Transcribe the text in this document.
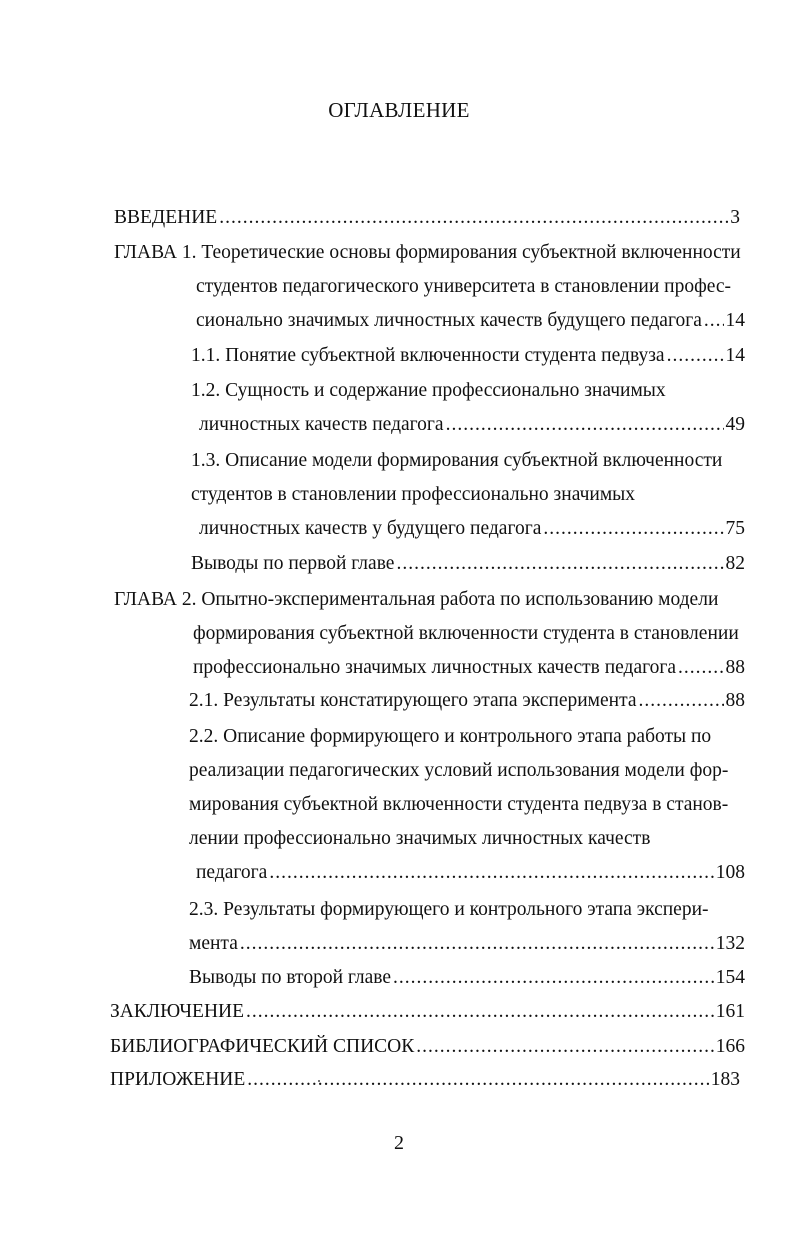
ОГЛАВЛЕНИЕ
ВВЕДЕНИЕ .....	3
ГЛАВА 1. Теоретические основы формирования субъектной включенности
студентов педагогического университета в становлении профес-
сионально значимых личностных качеств будущего педагога ..... 14
1.1. Понятие субъектной включенности студента педвуза .....	14
1.2. Сущность и содержание профессионально значимых
личностных качеств педагога .....	49
1.3. Описание модели формирования субъектной включенности
студентов в становлении профессионально значимых
личностных качеств у будущего педагога .....	75
Выводы по первой главе .....	82
ГЛАВА 2. Опытно-экспериментальная работа по использованию модели
формирования субъектной включенности студента в становлении
профессионально значимых личностных качеств педагога .....	88
2.1. Результаты констатирующего этапа эксперимента .....	88
2.2. Описание формирующего и контрольного этапа работы по
реализации педагогических условий использования модели фор-
мирования субъектной включенности студента педвуза в станов-
лении профессионально значимых личностных качеств
педагога .....	108
2.3. Результаты формирующего и контрольного этапа экспери-
мента .....	132
Выводы по второй главе .....	154
ЗАКЛЮЧЕНИЕ .....	161
БИБЛИОГРАФИЧЕСКИЙ СПИСОК .....	166
ПРИЛОЖЕНИЕ .....	183
2
